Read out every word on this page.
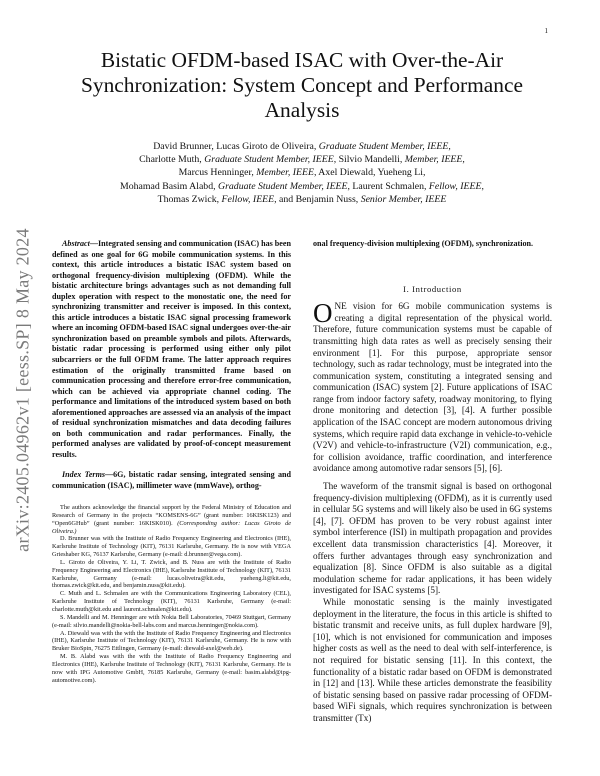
1
arXiv:2405.04962v1 [eess.SP] 8 May 2024
Bistatic OFDM-based ISAC with Over-the-Air Synchronization: System Concept and Performance Analysis
David Brunner, Lucas Giroto de Oliveira, Graduate Student Member, IEEE,
Charlotte Muth, Graduate Student Member, IEEE, Silvio Mandelli, Member, IEEE,
Marcus Henninger, Member, IEEE, Axel Diewald, Yueheng Li,
Mohamad Basim Alabd, Graduate Student Member, IEEE, Laurent Schmalen, Fellow, IEEE,
Thomas Zwick, Fellow, IEEE, and Benjamin Nuss, Senior Member, IEEE

Abstract—Integrated sensing and communication (ISAC) has been defined as one goal for 6G mobile communication systems. In this context, this article introduces a bistatic ISAC system based on orthogonal frequency-division multiplexing (OFDM). While the bistatic architecture brings advantages such as not demanding full duplex operation with respect to the monostatic one, the need for synchronizing transmitter and receiver is imposed. In this context, this article introduces a bistatic ISAC signal processing framework where an incoming OFDM-based ISAC signal undergoes over-the-air synchronization based on preamble symbols and pilots. Afterwards, bistatic radar processing is performed using either only pilot subcarriers or the full OFDM frame. The latter approach requires estimation of the originally transmitted frame based on communication processing and therefore error-free communication, which can be achieved via appropriate channel coding. The performance and limitations of the introduced system based on both aforementioned approaches are assessed via an analysis of the impact of residual synchronization mismatches and data decoding failures on both communication and radar performances. Finally, the performed analyses are validated by proof-of-concept measurement results.

Index Terms—6G, bistatic radar sensing, integrated sensing and communication (ISAC), millimeter wave (mmWave), orthog-

The authors acknowledge the financial support by the Federal Ministry of Education and Research of Germany in the projects “KOMSENS-6G” (grant number: 16KISK123) and “Open6GHub” (grant number: 16KISK010). (Corresponding author: Lucas Giroto de Oliveira.)

D. Brunner was with the Institute of Radio Frequency Engineering and Electronics (IHE), Karlsruhe Institute of Technology (KIT), 76131 Karlsruhe, Germany. He is now with VEGA Grieshaber KG, 76137 Karlsruhe, Germany (e-mail: d.brunner@vega.com).

L. Giroto de Oliveira, Y. Li, T. Zwick, and B. Nuss are with the Institute of Radio Frequency Engineering and Electronics (IHE), Karlsruhe Institute of Technology (KIT), 76131 Karlsruhe, Germany (e-mail: lucas.oliveira@kit.edu, yueheng.li@kit.edu, thomas.zwick@kit.edu, and benjamin.nuss@kit.edu).

C. Muth and L. Schmalen are with the Communications Engineering Laboratory (CEL), Karlsruhe Institute of Technology (KIT), 76131 Karlsruhe, Germany (e-mail: charlotte.muth@kit.edu and laurent.schmalen@kit.edu).

S. Mandelli and M. Henninger are with Nokia Bell Laboratories, 70469 Stuttgart, Germany (e-mail: silvio.mandelli@nokia-bell-labs.com and marcus.henninger@nokia.com).

A. Diewald was with the with the Institute of Radio Frequency Engineering and Electronics (IHE), Karlsruhe Institute of Technology (KIT), 76131 Karlsruhe, Germany. He is now with Bruker BioSpin, 76275 Ettlingen, Germany (e-mail: diewald-axel@web.de).

M. B. Alabd was with the with the Institute of Radio Frequency Engineering and Electronics (IHE), Karlsruhe Institute of Technology (KIT), 76131 Karlsruhe, Germany. He is now with IPG Automotive GmbH, 76185 Karlsruhe, Germany (e-mail: basim.alabd@ipg-automotive.com).

onal frequency-division multiplexing (OFDM), synchronization.

I. Introduction

ONE vision for 6G mobile communication systems is creating a digital representation of the physical world. Therefore, future communication systems must be capable of transmitting high data rates as well as precisely sensing their environment [1]. For this purpose, appropriate sensor technology, such as radar technology, must be integrated into the communication system, constituting a integrated sensing and communication (ISAC) system [2]. Future applications of ISAC range from indoor factory safety, roadway monitoring, to flying drone monitoring and detection [3], [4]. A further possible application of the ISAC concept are modern autonomous driving systems, which require rapid data exchange in vehicle-to-vehicle (V2V) and vehicle-to-infrastructure (V2I) communication, e.g., for collision avoidance, traffic coordination, and interference avoidance among automotive radar sensors [5], [6].

The waveform of the transmit signal is based on orthogonal frequency-division multiplexing (OFDM), as it is currently used in cellular 5G systems and will likely also be used in 6G systems [4], [7]. OFDM has proven to be very robust against inter symbol interference (ISI) in multipath propagation and provides excellent data transmission characteristics [4]. Moreover, it offers further advantages through easy synchronization and equalization [8]. Since OFDM is also suitable as a digital modulation scheme for radar applications, it has been widely investigated for ISAC systems [5].

While monostatic sensing is the mainly investigated deployment in the literature, the focus in this article is shifted to bistatic transmit and receive units, as full duplex hardware [9], [10], which is not envisioned for communication and imposes higher costs as well as the need to deal with self-interference, is not required for bistatic sensing [11]. In this context, the functionality of a bistatic radar based on OFDM is demonstrated in [12] and [13]. While these articles demonstrate the feasibility of bistatic sensing based on passive radar processing of OFDM-based WiFi signals, which requires synchronization is between transmitter (Tx)
